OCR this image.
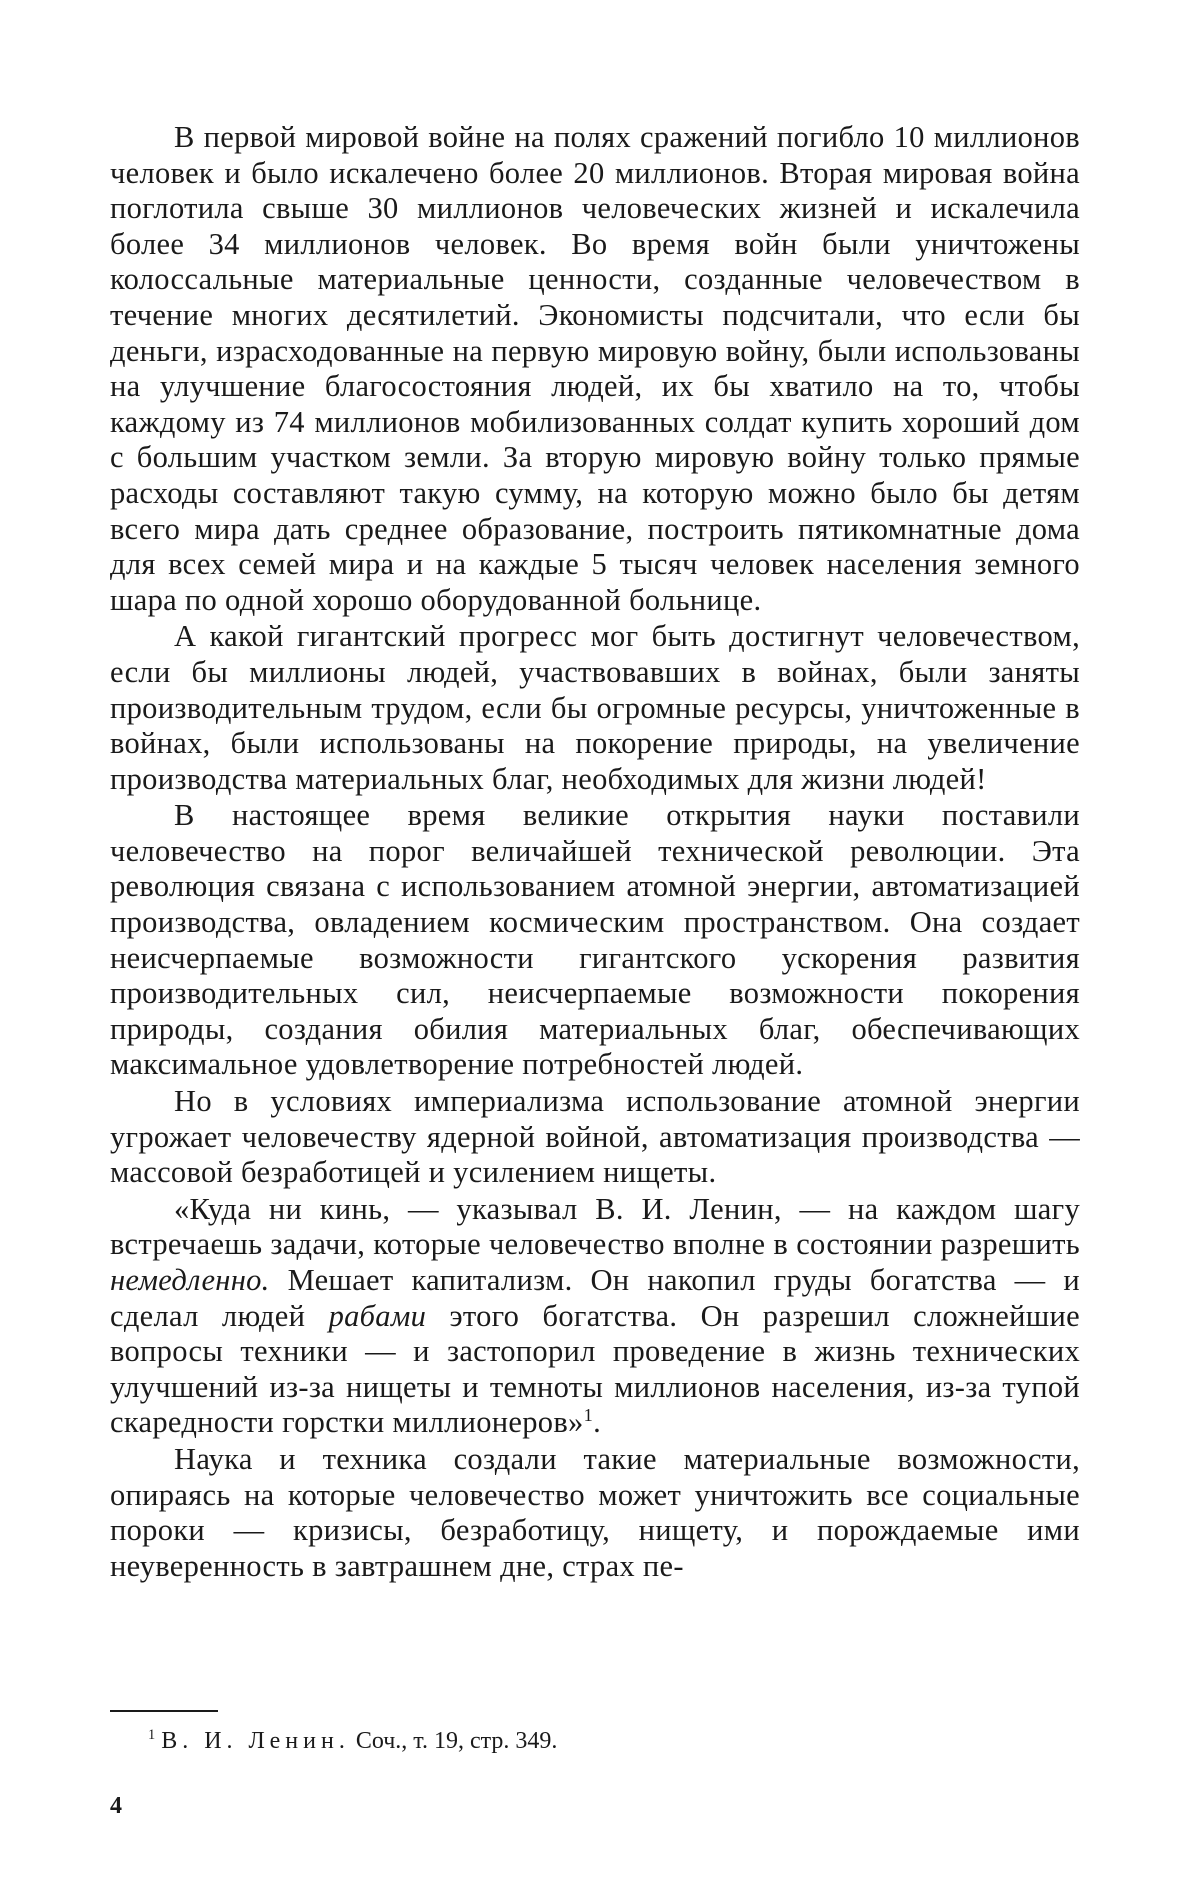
В первой мировой войне на полях сражений погибло 10 миллионов человек и было искалечено более 20 миллионов. Вторая мировая война поглотила свыше 30 миллионов человеческих жизней и искалечила более 34 миллионов человек. Во время войн были уничтожены колоссальные материальные ценности, созданные человечеством в течение многих десятилетий. Экономисты подсчитали, что если бы деньги, израсходованные на первую мировую войну, были использованы на улучшение благосостояния людей, их бы хватило на то, чтобы каждому из 74 миллионов мобилизованных солдат купить хороший дом с большим участком земли. За вторую мировую войну только прямые расходы составляют такую сумму, на которую можно было бы детям всего мира дать среднее образование, построить пятикомнатные дома для всех семей мира и на каждые 5 тысяч человек населения земного шара по одной хорошо оборудованной больнице.

А какой гигантский прогресс мог быть достигнут человечеством, если бы миллионы людей, участвовавших в войнах, были заняты производительным трудом, если бы огромные ресурсы, уничтоженные в войнах, были использованы на покорение природы, на увеличение производства материальных благ, необходимых для жизни людей!

В настоящее время великие открытия науки поставили человечество на порог величайшей технической революции. Эта революция связана с использованием атомной энергии, автоматизацией производства, овладением космическим пространством. Она создает неисчерпаемые возможности гигантского ускорения развития производительных сил, неисчерпаемые возможности покорения природы, создания обилия материальных благ, обеспечивающих максимальное удовлетворение потребностей людей.

Но в условиях империализма использование атомной энергии угрожает человечеству ядерной войной, автоматизация производства — массовой безработицей и усилением нищеты.

«Куда ни кинь, — указывал В. И. Ленин, — на каждом шагу встречаешь задачи, которые человечество вполне в состоянии разрешить немедленно. Мешает капитализм. Он накопил груды богатства — и сделал людей рабами этого богатства. Он разрешил сложнейшие вопросы техники — и застопорил проведение в жизнь технических улучшений из-за нищеты и темноты миллионов населения, из-за тупой скаредности горстки миллионеров»1.

Наука и техника создали такие материальные возможности, опираясь на которые человечество может уничтожить все социальные пороки — кризисы, безработицу, нищету, и порождаемые ими неуверенность в завтрашнем дне, страх пе-

1 В. И. Ленин. Соч., т. 19, стр. 349.
4
